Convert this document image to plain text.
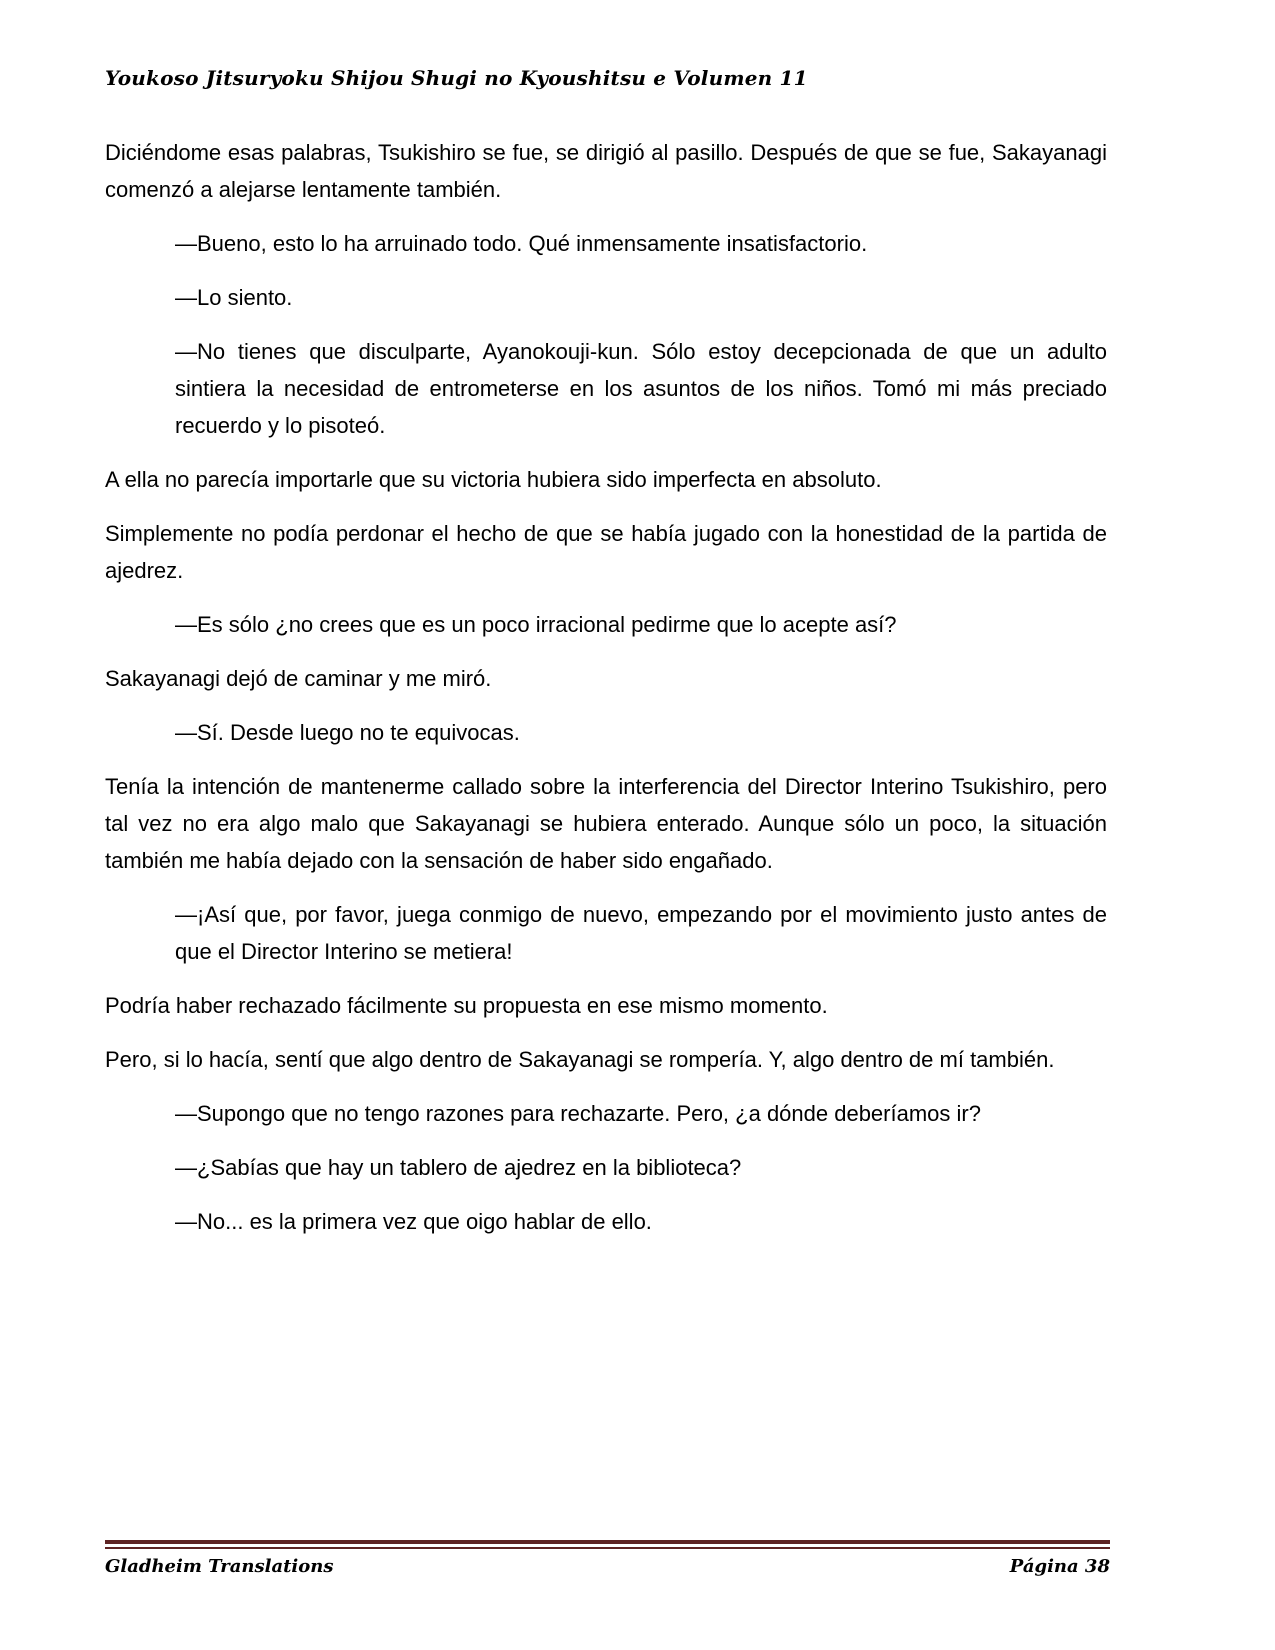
Youkoso Jitsuryoku Shijou Shugi no Kyoushitsu e Volumen 11

Diciéndome esas palabras, Tsukishiro se fue, se dirigió al pasillo. Después de que se fue, Sakayanagi comenzó a alejarse lentamente también.

—Bueno, esto lo ha arruinado todo. Qué inmensamente insatisfactorio.

—Lo siento.

—No tienes que disculparte, Ayanokouji-kun. Sólo estoy decepcionada de que un adulto sintiera la necesidad de entrometerse en los asuntos de los niños. Tomó mi más preciado recuerdo y lo pisoteó.

A ella no parecía importarle que su victoria hubiera sido imperfecta en absoluto.

Simplemente no podía perdonar el hecho de que se había jugado con la honestidad de la partida de ajedrez.

—Es sólo ¿no crees que es un poco irracional pedirme que lo acepte así?

Sakayanagi dejó de caminar y me miró.

—Sí. Desde luego no te equivocas.

Tenía la intención de mantenerme callado sobre la interferencia del Director Interino Tsukishiro, pero tal vez no era algo malo que Sakayanagi se hubiera enterado. Aunque sólo un poco, la situación también me había dejado con la sensación de haber sido engañado.

—¡Así que, por favor, juega conmigo de nuevo, empezando por el movimiento justo antes de que el Director Interino se metiera!

Podría haber rechazado fácilmente su propuesta en ese mismo momento.

Pero, si lo hacía, sentí que algo dentro de Sakayanagi se rompería. Y, algo dentro de mí también.

—Supongo que no tengo razones para rechazarte. Pero, ¿a dónde deberíamos ir?

—¿Sabías que hay un tablero de ajedrez en la biblioteca?

—No... es la primera vez que oigo hablar de ello.

Gladheim Translations	Página 38
